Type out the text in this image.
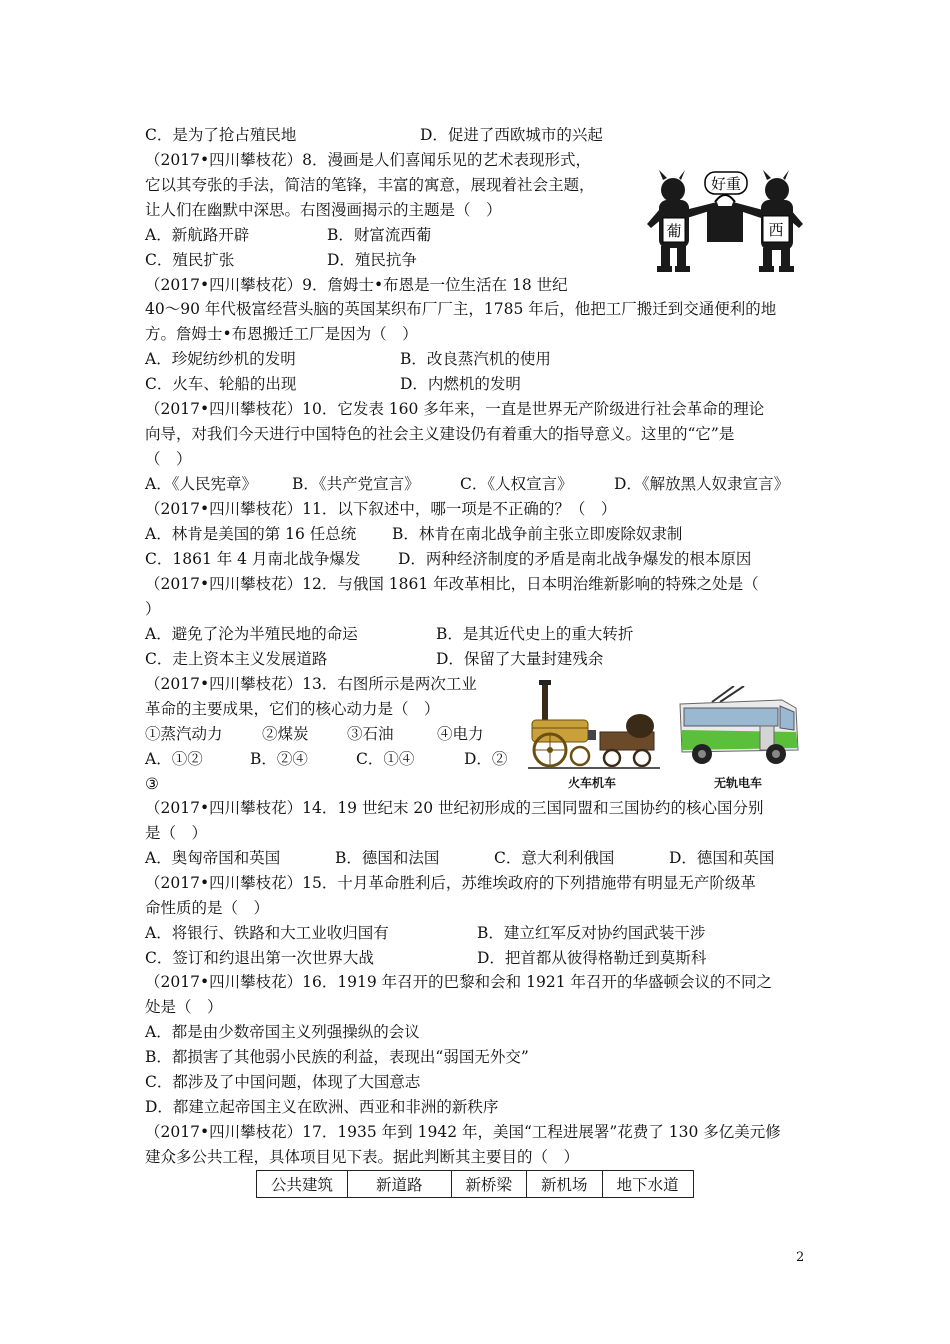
C．是为了抢占殖民地	D．促进了西欧城市的兴起
（2017•四川攀枝花）8．漫画是人们喜闻乐见的艺术表现形式，
它以其夸张的手法，简洁的笔锋，丰富的寓意，展现着社会主题，
让人们在幽默中深思。右图漫画揭示的主题是（　）
A．新航路开辟	B．财富流西葡
C．殖民扩张	D．殖民抗争
葡	西
好重
（2017•四川攀枝花）9．詹姆士•布恩是一位生活在 18 世纪
40～90 年代极富经营头脑的英国某织布厂厂主，1785 年后，他把工厂搬迁到交通便利的地
方。詹姆士•布恩搬迁工厂是因为（　）
A．珍妮纺纱机的发明	B．改良蒸汽机的使用
C．火车、轮船的出现	D．内燃机的发明
（2017•四川攀枝花）10．它发表 160 多年来，一直是世界无产阶级进行社会革命的理论
向导，对我们今天进行中国特色的社会主义建设仍有着重大的指导意义。这里的“它”是
（　）
A．《人民宪章》 B．《共产党宣言》	C．《人权宣言》	D．《解放黑人奴隶宣言》
（2017•四川攀枝花）11．以下叙述中，哪一项是不正确的？（　）
A．林肯是美国的第 16 任总统 B．林肯在南北战争前主张立即废除奴隶制
C．1861 年 4 月南北战争爆发 D．两种经济制度的矛盾是南北战争爆发的根本原因
（2017•四川攀枝花）12．与俄国 1861 年改革相比，日本明治维新影响的特殊之处是（
）
A．避免了沦为半殖民地的命运	B．是其近代史上的重大转折
C．走上资本主义发展道路	D．保留了大量封建残余
（2017•四川攀枝花）13．右图所示是两次工业
革命的主要成果，它们的核心动力是（　）
①蒸汽动力	②煤炭 ③石油	④电力
A．①②	B．②④	C．①④	D．②
③	火车机车	无轨电车
（2017•四川攀枝花）14．19 世纪末 20 世纪初形成的三国同盟和三国协约的核心国分别
是（　）
A．奥匈帝国和英国	B．德国和法国	C．意大利利俄国	D．德国和英国
（2017•四川攀枝花）15．十月革命胜利后，苏维埃政府的下列措施带有明显无产阶级革
命性质的是（　）
A．将银行、铁路和大工业收归国有	B．建立红军反对协约国武装干涉
C．签订和约退出第一次世界大战	D．把首都从彼得格勒迁到莫斯科
（2017•四川攀枝花）16．1919 年召开的巴黎和会和 1921 年召开的华盛顿会议的不同之
处是（　）
A．都是由少数帝国主义列强操纵的会议
B．都损害了其他弱小民族的利益，表现出“弱国无外交”
C．都涉及了中国问题，体现了大国意志
D．都建立起帝国主义在欧洲、西亚和非洲的新秩序
（2017•四川攀枝花）17．1935 年到 1942 年，美国“工程进展署”花费了 130 多亿美元修
建众多公共工程，具体项目见下表。据此判断其主要目的（　）
公共建筑	新道路	新桥梁	新机场	地下水道
2
